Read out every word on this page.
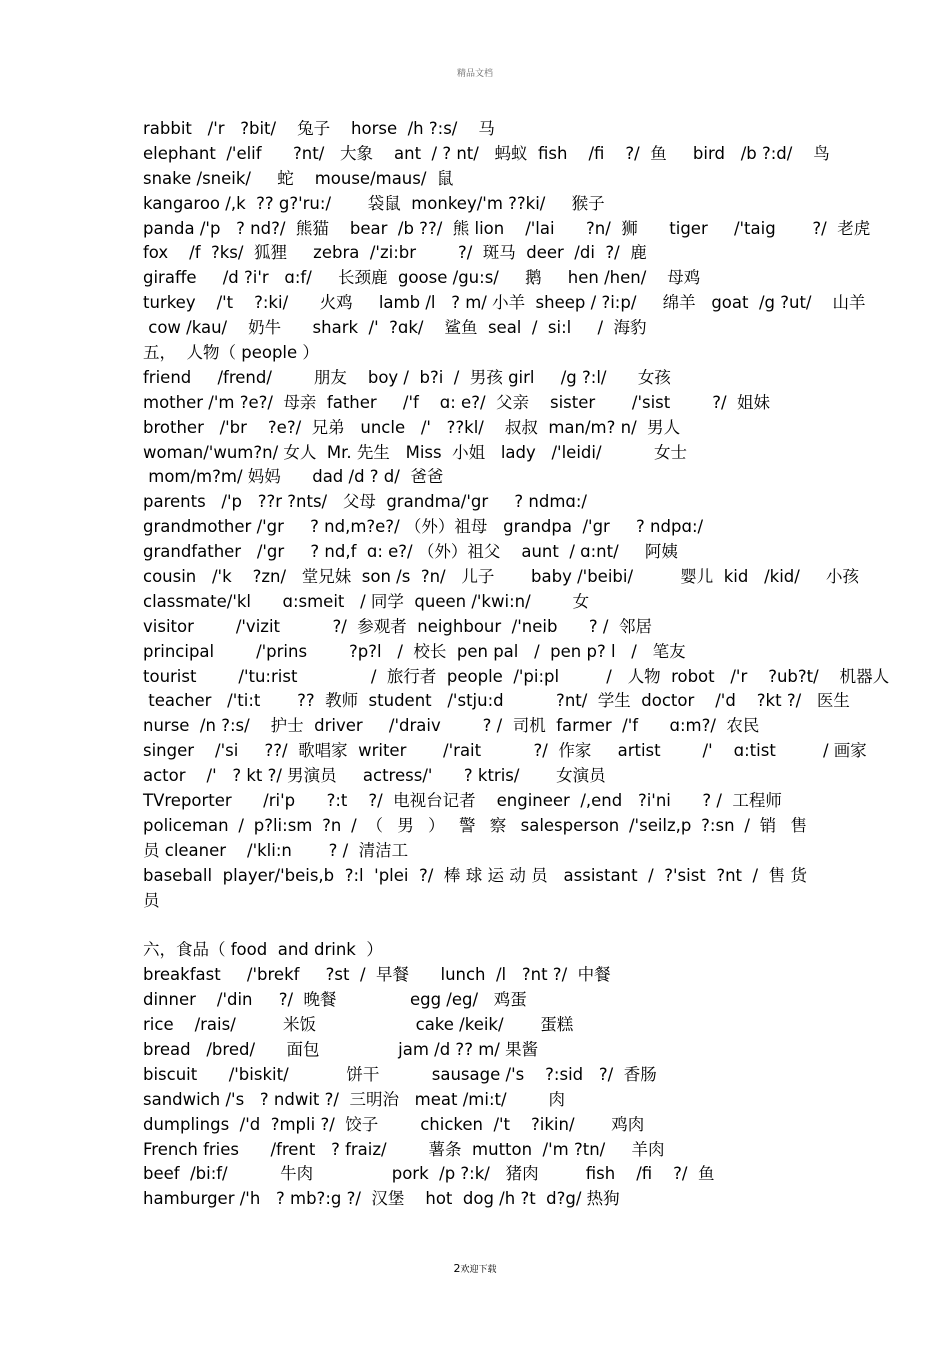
精品文档
rabbit   /'r   ?bit/    兔子    horse  /h ?:s/    马
elephant  /'elif      ?nt/   大象    ant  / ? nt/   蚂蚁  fish    /fi    ?/  鱼     bird   /b ?:d/    鸟
snake /sneik/     蛇    mouse/maus/  鼠
kangaroo /,k  ?? g?'ru:/       袋鼠  monkey/'m ??ki/     猴子
panda /'p   ? nd?/  熊猫    bear  /b ??/  熊 lion    /'lai      ?n/  狮      tiger     /'taig       ?/  老虎
fox    /f  ?ks/  狐狸     zebra  /'zi:br        ?/  斑马  deer  /di  ?/  鹿
giraffe     /d ?i'r   ɑ:f/     长颈鹿  goose /gu:s/     鹅     hen /hen/    母鸡
turkey    /'t    ?:ki/      火鸡     lamb /l   ? m/ 小羊  sheep / ?i:p/     绵羊   goat  /g ?ut/    山羊
cow /kau/    奶牛      shark  /'  ?ɑk/    鲨鱼  seal  /  si:l     /  海豹
五，  人物（ people ）
friend     /frend/        朋友    boy /  b?i  /  男孩 girl     /g ?:l/      女孩
mother /'m ?e?/  母亲  father     /'f    ɑ: e?/  父亲    sister       /'sist        ?/  姐妹
brother   /'br    ?e?/  兄弟   uncle   /'   ??kl/    叔叔  man/m? n/  男人
woman/'wum?n/ 女人  Mr. 先生   Miss  小姐   lady   /'leidi/          女士
mom/m?m/ 妈妈      dad /d ? d/  爸爸
parents   /'p   ??r ?nts/   父母  grandma/'gr     ? ndmɑ:/
grandmother /'gr     ? nd,m?e?/ （外）祖母   grandpa  /'gr     ? ndpɑ:/
grandfather   /'gr     ? nd,f  ɑ: e?/ （外）祖父    aunt  / ɑ:nt/     阿姨
cousin   /'k    ?zn/   堂兄妹  son /s  ?n/   儿子       baby /'beibi/         婴儿  kid   /kid/     小孩
classmate/'kl      ɑ:smeit   / 同学  queen /'kwi:n/        女
visitor        /'vizit          ?/  参观者  neighbour  /'neib      ? /  邻居
principal        /'prins        ?p?l   /  校长  pen pal   /  pen p? l   /   笔友
tourist        /'tu:rist              /  旅行者  people  /'pi:pl         /   人物  robot   /'r    ?ub?t/    机器人
teacher   /'ti:t       ??  教师  student   /'stju:d          ?nt/  学生  doctor    /'d    ?kt ?/   医生
nurse  /n ?:s/    护士  driver     /'draiv        ? /  司机  farmer  /'f      ɑ:m?/  农民
singer    /'si     ??/  歌唱家  writer       /'rait          ?/  作家     artist        /'    ɑ:tist         / 画家
actor    /'   ? kt ?/ 男演员     actress/'      ? ktris/       女演员
TVreporter      /ri'p      ?:t    ?/  电视台记者    engineer  /,end   ?i'ni      ? /  工程师
policeman / p?li:sm ?n / （ 男 ） 警 察 salesperson /'seilz,p ?:sn / 销 售
员 cleaner    /'kli:n       ? /  清洁工
baseball player/'beis,b ?:l 'plei ?/ 棒球运动员 assistant / ?'sist ?nt / 售货
员
六，食品（ food  and drink  ）
breakfast     /'brekf     ?st  /  早餐      lunch  /l   ?nt ?/  中餐
dinner    /'din     ?/  晚餐              egg /eg/   鸡蛋
rice    /rais/         米饭                   cake /keik/       蛋糕
bread   /bred/      面包               jam /d ?? m/ 果酱
biscuit      /'biskit/           饼干          sausage /'s    ?:sid   ?/  香肠
sandwich /'s   ? ndwit ?/  三明治   meat /mi:t/        肉
dumplings  /'d  ?mpli ?/  饺子        chicken  /'t    ?ikin/       鸡肉
French fries      /frent   ? fraiz/        薯条  mutton  /'m ?tn/     羊肉
beef  /bi:f/          牛肉               pork  /p ?:k/   猪肉         fish    /fi    ?/  鱼
hamburger /'h   ? mb?:g ?/  汉堡    hot  dog /h ?t  d?g/ 热狗
2欢迎下载
